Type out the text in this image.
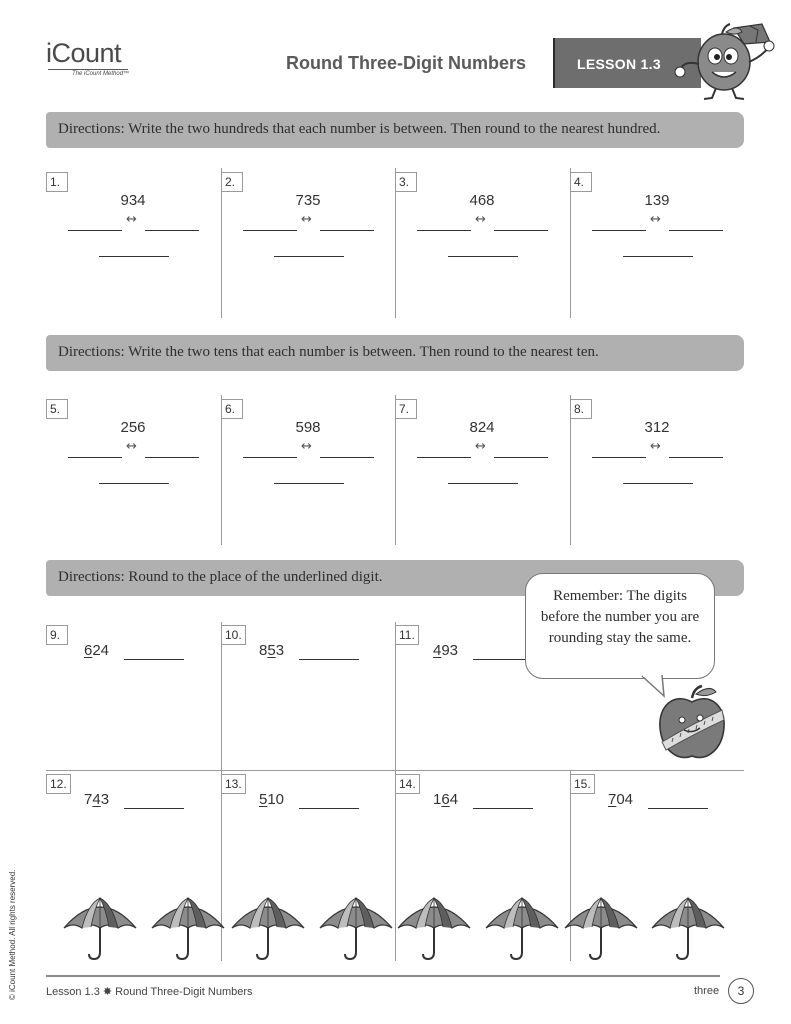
iCount
The iCount Method™
Round Three-Digit Numbers	LESSON 1.3
Directions: Write the two hundreds that each number is between. Then round to the nearest hundred.
Directions: Write the two tens that each number is between. Then round to the nearest ten.
Directions: Round to the place of the underlined digit.
1.
934
↔
2.
735
↔
3.
468
↔
4.
139
↔
5.
256
↔
6.
598
↔
7.
824
↔
8.
312
↔
9.
624
10.
853
11.
493
12.
743
13.
510
14.
164
15.
704
Remember: The digits before the number you are rounding stay the same.
Lesson 1.3 ✸ Round Three-Digit Numbers	three	3
© iCount Method. All rights reserved.
